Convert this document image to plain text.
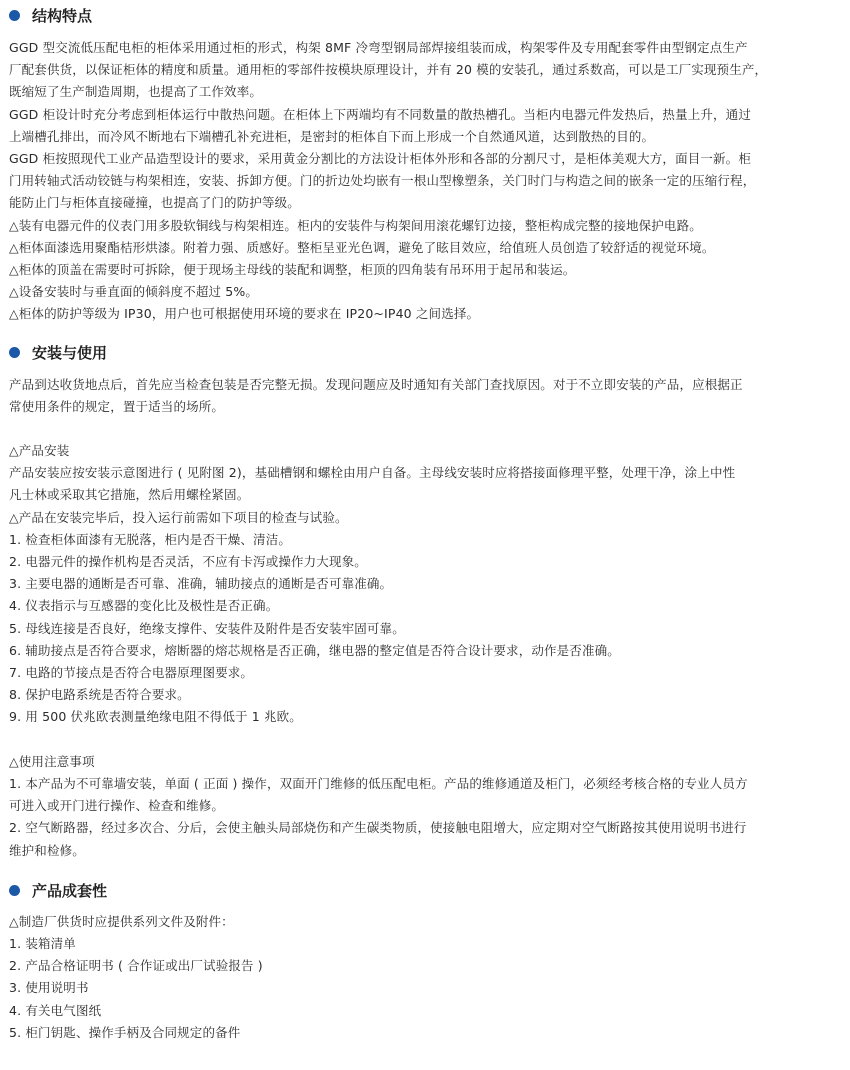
结构特点

GGD 型交流低压配电柜的柜体采用通过柜的形式，构架 8MF 冷弯型钢局部焊接组装而成，构架零件及专用配套零件由型钢定点生产

厂配套供货，以保证柜体的精度和质量。通用柜的零部件按模块原理设计，并有 20 模的安装孔，通过系数高，可以是工厂实现预生产，

既缩短了生产制造周期，也提高了工作效率。

GGD 柜设计时充分考虑到柜体运行中散热问题。在柜体上下两端均有不同数量的散热槽孔。当柜内电器元件发热后，热量上升，通过

上端槽孔排出，而冷风不断地右下端槽孔补充进柜，是密封的柜体自下而上形成一个自然通风道，达到散热的目的。

GGD 柜按照现代工业产品造型设计的要求，采用黄金分割比的方法设计柜体外形和各部的分割尺寸，是柜体美观大方，面目一新。柜

门用转轴式活动铰链与构架相连，安装、拆卸方便。门的折边处均嵌有一根山型橡塑条，关门时门与构造之间的嵌条一定的压缩行程，

能防止门与柜体直接碰撞，也提高了门的防护等级。

△装有电器元件的仪表门用多股软铜线与构架相连。柜内的安装件与构架间用滚花螺钉边接，整柜构成完整的接地保护电路。

△柜体面漆选用聚酯桔形烘漆。附着力强、质感好。整柜呈亚光色调，避免了眩目效应，给值班人员创造了较舒适的视觉环境。

△柜体的顶盖在需要时可拆除，便于现场主母线的装配和调整，柜顶的四角装有吊环用于起吊和装运。

△设备安装时与垂直面的倾斜度不超过 5%。

△柜体的防护等级为 IP30，用户也可根据使用环境的要求在 IP20~IP40 之间选择。

安装与使用

产品到达收货地点后，首先应当检查包装是否完整无损。发现问题应及时通知有关部门查找原因。对于不立即安装的产品，应根据正

常使用条件的规定，置于适当的场所。

△产品安装

产品安装应按安装示意图进行 ( 见附图 2)，基础槽钢和螺栓由用户自备。主母线安装时应将搭接面修理平整，处理干净，涂上中性

凡士林或采取其它措施，然后用螺栓紧固。

△产品在安装完毕后，投入运行前需如下项目的检查与试验。

1. 检查柜体面漆有无脱落，柜内是否干燥、清洁。

2. 电器元件的操作机构是否灵活，不应有卡泻或操作力大现象。

3. 主要电器的通断是否可靠、准确，辅助接点的通断是否可靠准确。

4. 仪表指示与互感器的变化比及极性是否正确。

5. 母线连接是否良好，绝缘支撑件、安装件及附件是否安装牢固可靠。

6. 辅助接点是否符合要求，熔断器的熔芯规格是否正确，继电器的整定值是否符合设计要求，动作是否准确。

7. 电路的节接点是否符合电器原理图要求。

8. 保护电路系统是否符合要求。

9. 用 500 伏兆欧表测量绝缘电阻不得低于 1 兆欧。

△使用注意事项

1. 本产品为不可靠墙安装，单面 ( 正面 ) 操作，双面开门维修的低压配电柜。产品的维修通道及柜门，必须经考核合格的专业人员方

可进入或开门进行操作、检查和维修。

2. 空气断路器，经过多次合、分后，会使主触头局部烧伤和产生碳类物质，使接触电阻增大，应定期对空气断路按其使用说明书进行

维护和检修。

产品成套性

△制造厂供货时应提供系列文件及附件：

1. 装箱清单

2. 产品合格证明书 ( 合作证或出厂试验报告 )

3. 使用说明书

4. 有关电气图纸

5. 柜门钥匙、操作手柄及合同规定的备件
